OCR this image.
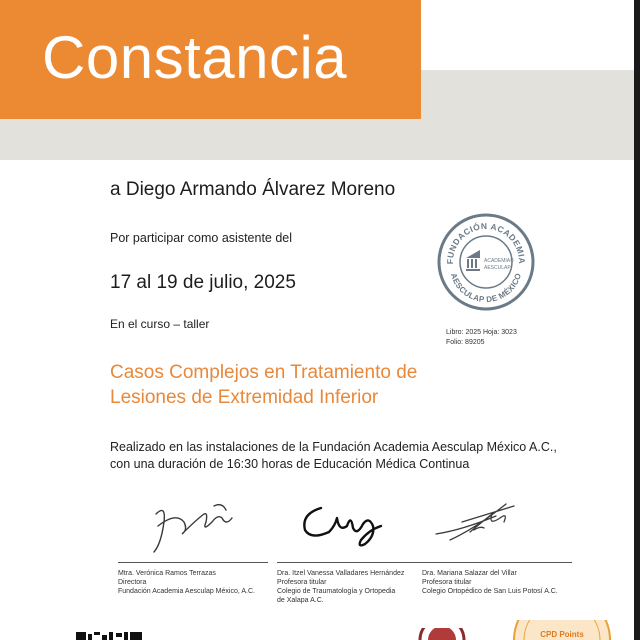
Constancia
a Diego Armando Álvarez Moreno
Por participar como asistente del
17 al 19 de julio, 2025
En el curso – taller
Casos Complejos en Tratamiento de
Lesiones de Extremidad Inferior
Realizado en las instalaciones de la Fundación Academia Aesculap México A.C.,
con una duración de 16:30 horas de Educación Médica Continua
FUNDACIÓN ACADEMIA
AESCULAP DE MÉXICO
ACADEMIA®
AESCULAP
Libro: 2025 Hoja: 3023
Folio: 89205
Mtra. Verónica Ramos Terrazas
Directora
Fundación Academia Aesculap México, A.C.
Dra. Itzel Vanessa Valladares Hernández
Profesora titular
Colegio de Traumatología y Ortopedia
de Xalapa A.C.
Dra. Mariana Salazar del Villar
Profesora titular
Colegio Ortopédico de San Luis Potosí A.C.
CPD Points
